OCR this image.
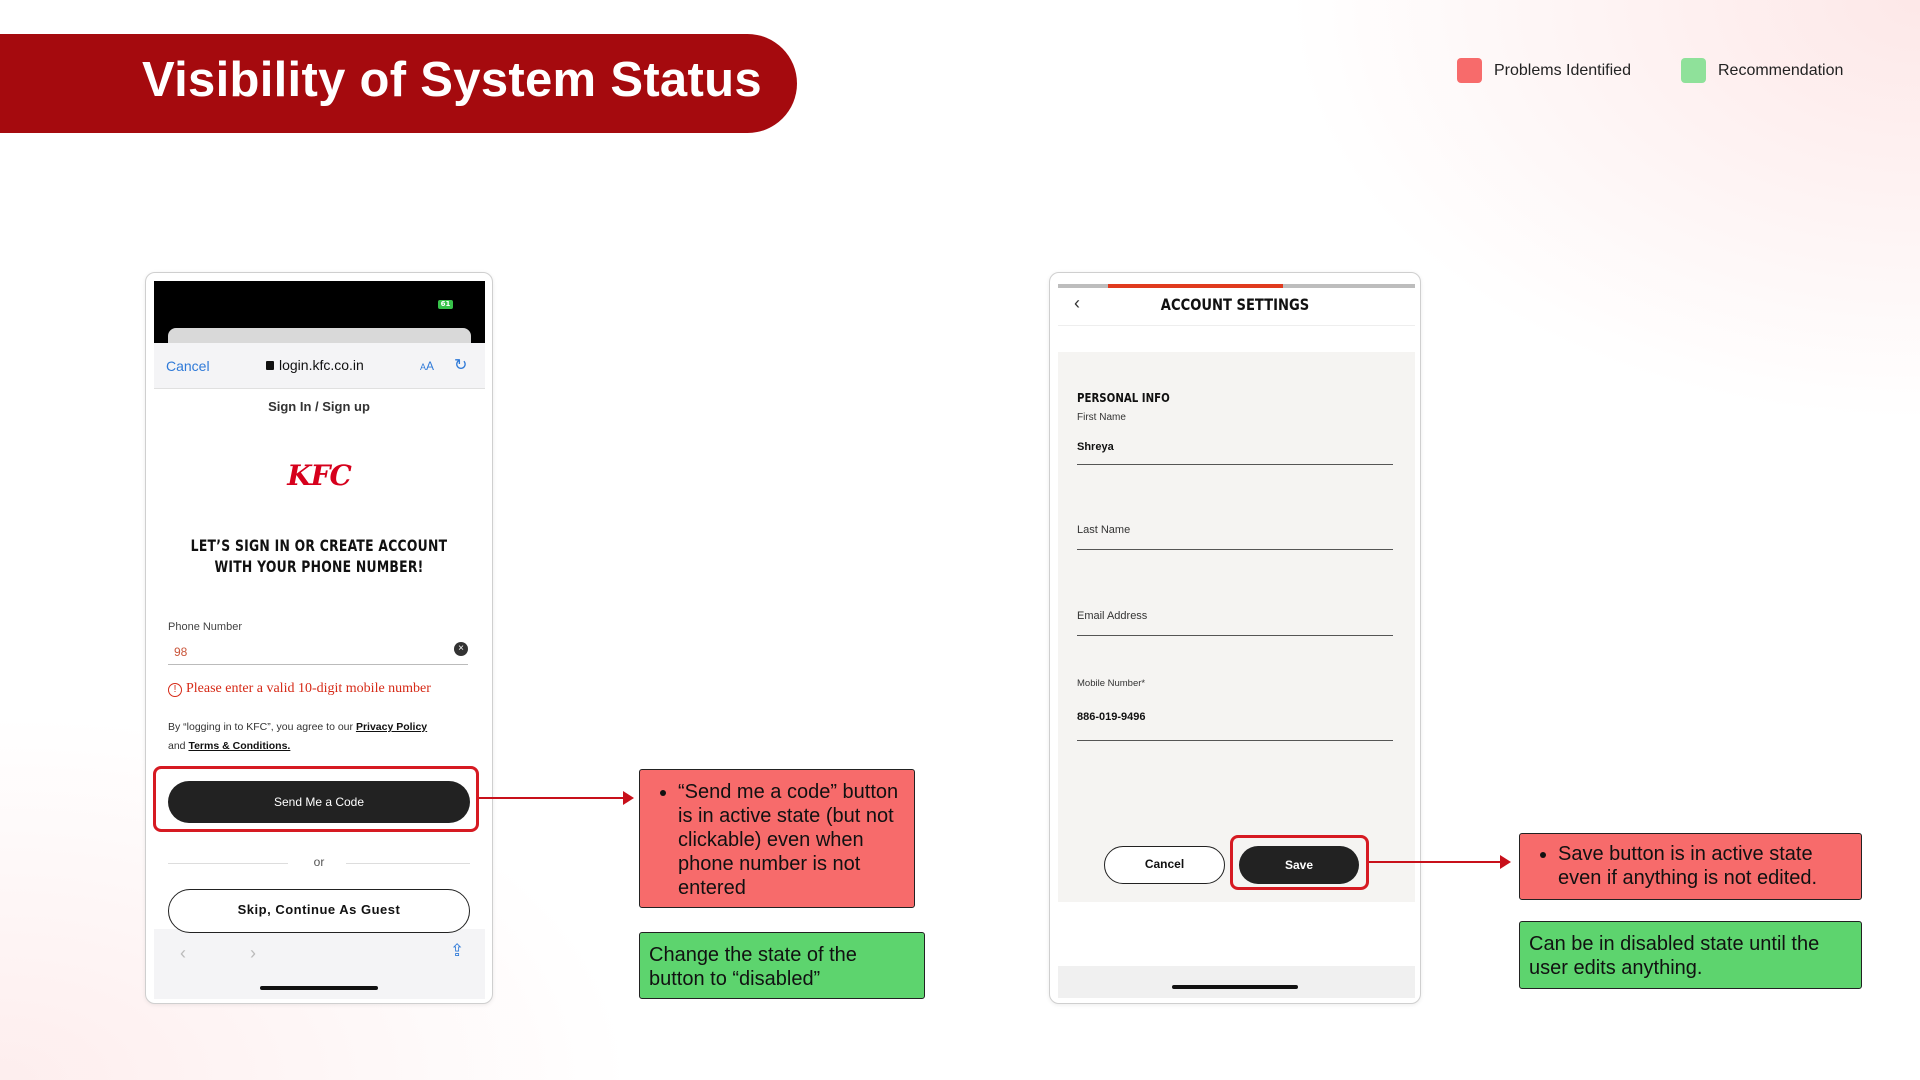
Visibility of System Status	Problems Identified	Recommendation
61
Cancel	login.kfc.co.in	AA ↻
Sign In / Sign up
KFC
LET’S SIGN IN OR CREATE ACCOUNT
WITH YOUR PHONE NUMBER!
Phone Number
98	×
! Please enter a valid 10-digit mobile number
By “logging in to KFC”, you agree to our Privacy Policy
and Terms & Conditions.
Send Me a Code
or
‹	›	⇪
Skip, Continue As Guest
• “Send me a code” button is in active state (but not clickable) even when phone number is not entered
Change the state of the button to “disabled”
‹	ACCOUNT SETTINGS
PERSONAL INFO
First Name
Shreya
Last Name
Email Address
Mobile Number*
886-019-9496
Cancel	Save
•	Save button is in active state even if anything is not edited.
Can be in disabled state until the user edits anything.
